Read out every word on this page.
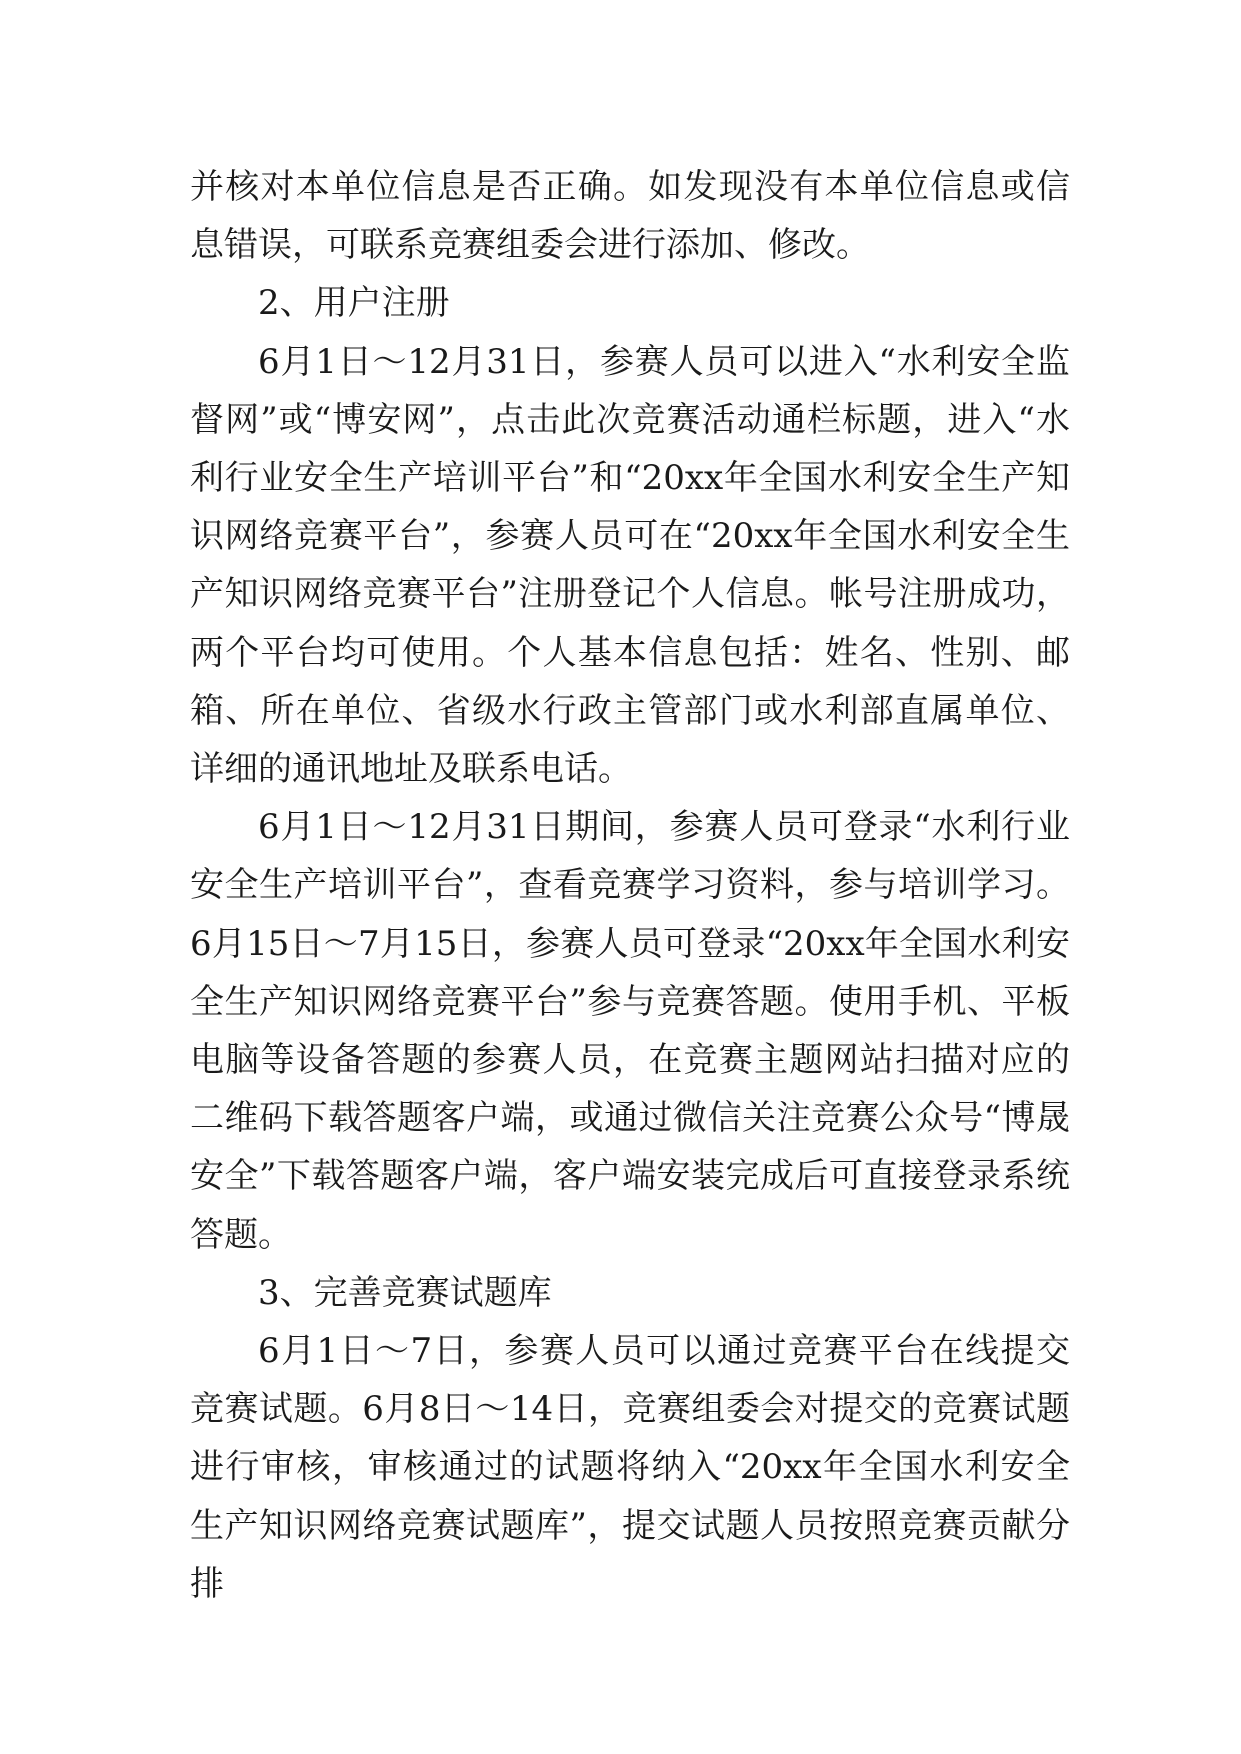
并核对本单位信息是否正确。如发现没有本单位信息或信息错误，可联系竞赛组委会进行添加、修改。

2、用户注册

6月1日～12月31日，参赛人员可以进入“水利安全监督网”或“博安网”，点击此次竞赛活动通栏标题，进入“水利行业安全生产培训平台”和“20xx年全国水利安全生产知识网络竞赛平台”，参赛人员可在“20xx年全国水利安全生产知识网络竞赛平台”注册登记个人信息。帐号注册成功，两个平台均可使用。个人基本信息包括：姓名、性别、邮箱、所在单位、省级水行政主管部门或水利部直属单位、详细的通讯地址及联系电话。

6月1日～12月31日期间，参赛人员可登录“水利行业安全生产培训平台”，查看竞赛学习资料，参与培训学习。6月15日～7月15日，参赛人员可登录“20xx年全国水利安全生产知识网络竞赛平台”参与竞赛答题。使用手机、平板电脑等设备答题的参赛人员，在竞赛主题网站扫描对应的二维码下载答题客户端，或通过微信关注竞赛公众号“博晟安全”下载答题客户端，客户端安装完成后可直接登录系统答题。

3、完善竞赛试题库

6月1日～7日，参赛人员可以通过竞赛平台在线提交竞赛试题。6月8日～14日，竞赛组委会对提交的竞赛试题进行审核，审核通过的试题将纳入“20xx年全国水利安全生产知识网络竞赛试题库”，提交试题人员按照竞赛贡献分排
